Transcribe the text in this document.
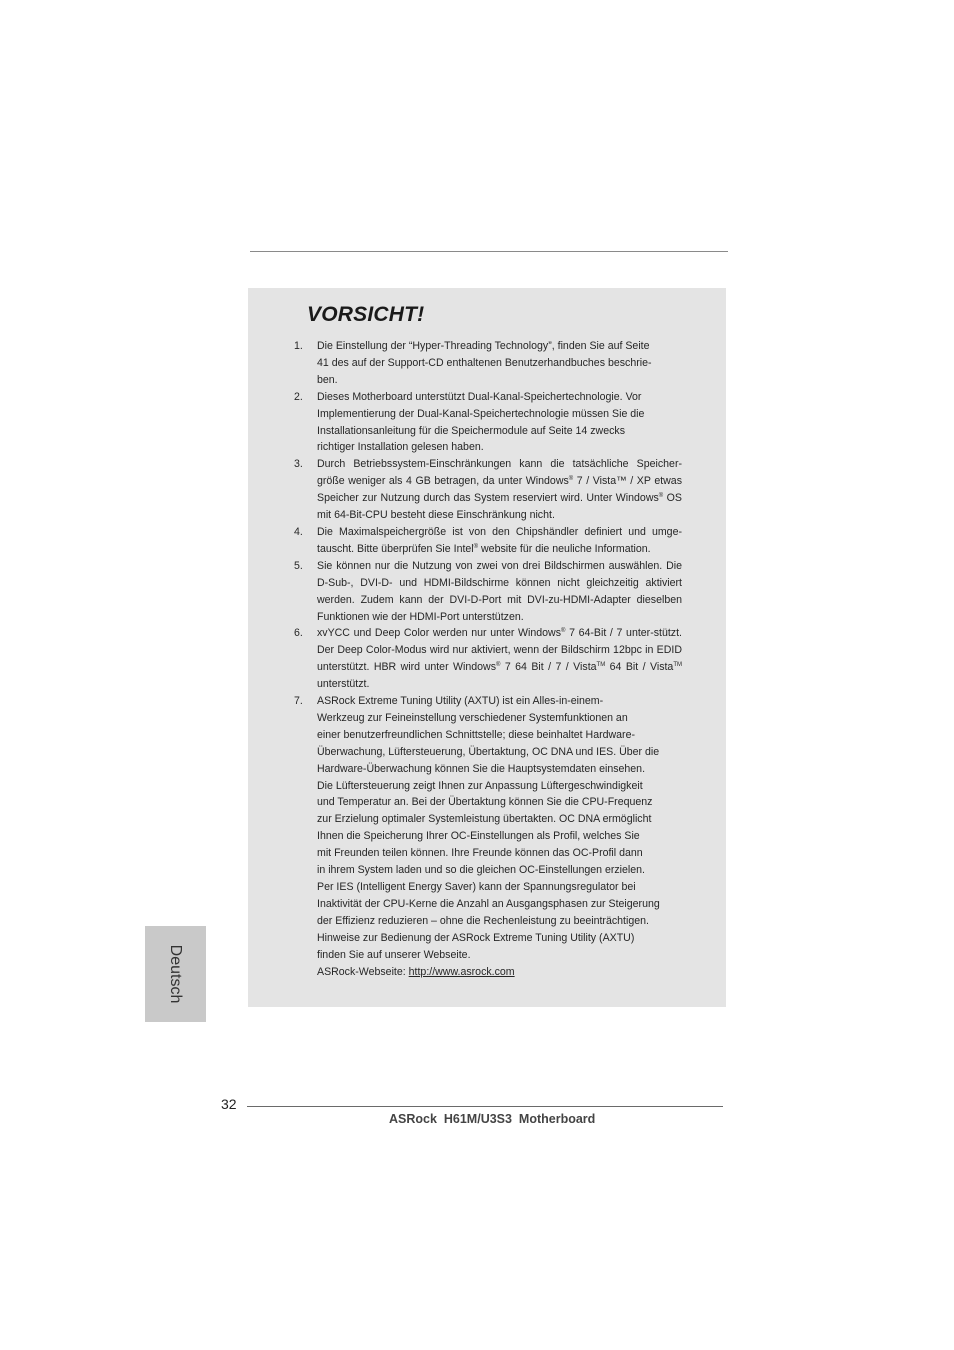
VORSICHT!
1. Die Einstellung der “Hyper-Threading Technology”, finden Sie auf Seite
41 des auf der Support-CD enthaltenen Benutzerhandbuches beschrie-
ben.
2. Dieses Motherboard unterstützt Dual-Kanal-Speichertechnologie. Vor
Implementierung der Dual-Kanal-Speichertechnologie müssen Sie die
Installationsanleitung für die Speichermodule auf Seite 14 zwecks
richtiger Installation gelesen haben.
3. Durch Betriebssystem-Einschränkungen kann die tatsächliche Speicher-größe weniger als 4 GB betragen, da unter Windows® 7 / Vista™ / XP etwas Speicher zur Nutzung durch das System reserviert wird. Unter Windows® OS mit 64-Bit-CPU besteht diese Einschränkung nicht.
4. Die Maximalspeichergröße ist von den Chipshändler definiert und umge-tauscht. Bitte überprüfen Sie Intel® website für die neuliche Information.
5. Sie können nur die Nutzung von zwei von drei Bildschirmen auswählen. Die D-Sub-, DVI-D- und HDMI-Bildschirme können nicht gleichzeitig aktiviert werden. Zudem kann der DVI-D-Port mit DVI-zu-HDMI-Adapter dieselben Funktionen wie der HDMI-Port unterstützen.
6. xvYCC und Deep Color werden nur unter Windows® 7 64-Bit / 7 unter-stützt. Der Deep Color-Modus wird nur aktiviert, wenn der Bildschirm 12bpc in EDID unterstützt. HBR wird unter Windows® 7 64 Bit / 7 / Vista™ 64 Bit / Vista™ unterstützt.
7. ASRock Extreme Tuning Utility (AXTU) ist ein Alles-in-einem-
Werkzeug zur Feineinstellung verschiedener Systemfunktionen an
einer benutzerfreundlichen Schnittstelle; diese beinhaltet Hardware-
Überwachung, Lüftersteuerung, Übertaktung, OC DNA und IES. Über die
Hardware-Überwachung können Sie die Hauptsystemdaten einsehen.
Die Lüftersteuerung zeigt Ihnen zur Anpassung Lüftergeschwindigkeit
und Temperatur an. Bei der Übertaktung können Sie die CPU-Frequenz
zur Erzielung optimaler Systemleistung übertakten. OC DNA ermöglicht
Ihnen die Speicherung Ihrer OC-Einstellungen als Profil, welches Sie
mit Freunden teilen können. Ihre Freunde können das OC-Profil dann
in ihrem System laden und so die gleichen OC-Einstellungen erzielen.
Per IES (Intelligent Energy Saver) kann der Spannungsregulator bei
Inaktivität der CPU-Kerne die Anzahl an Ausgangsphasen zur Steigerung
der Effizienz reduzieren – ohne die Rechenleistung zu beeinträchtigen.
Hinweise zur Bedienung der ASRock Extreme Tuning Utility (AXTU)
finden Sie auf unserer Webseite.
ASRock-Webseite: http://www.asrock.com
Deutsch
32
ASRock  H61M/U3S3  Motherboard
